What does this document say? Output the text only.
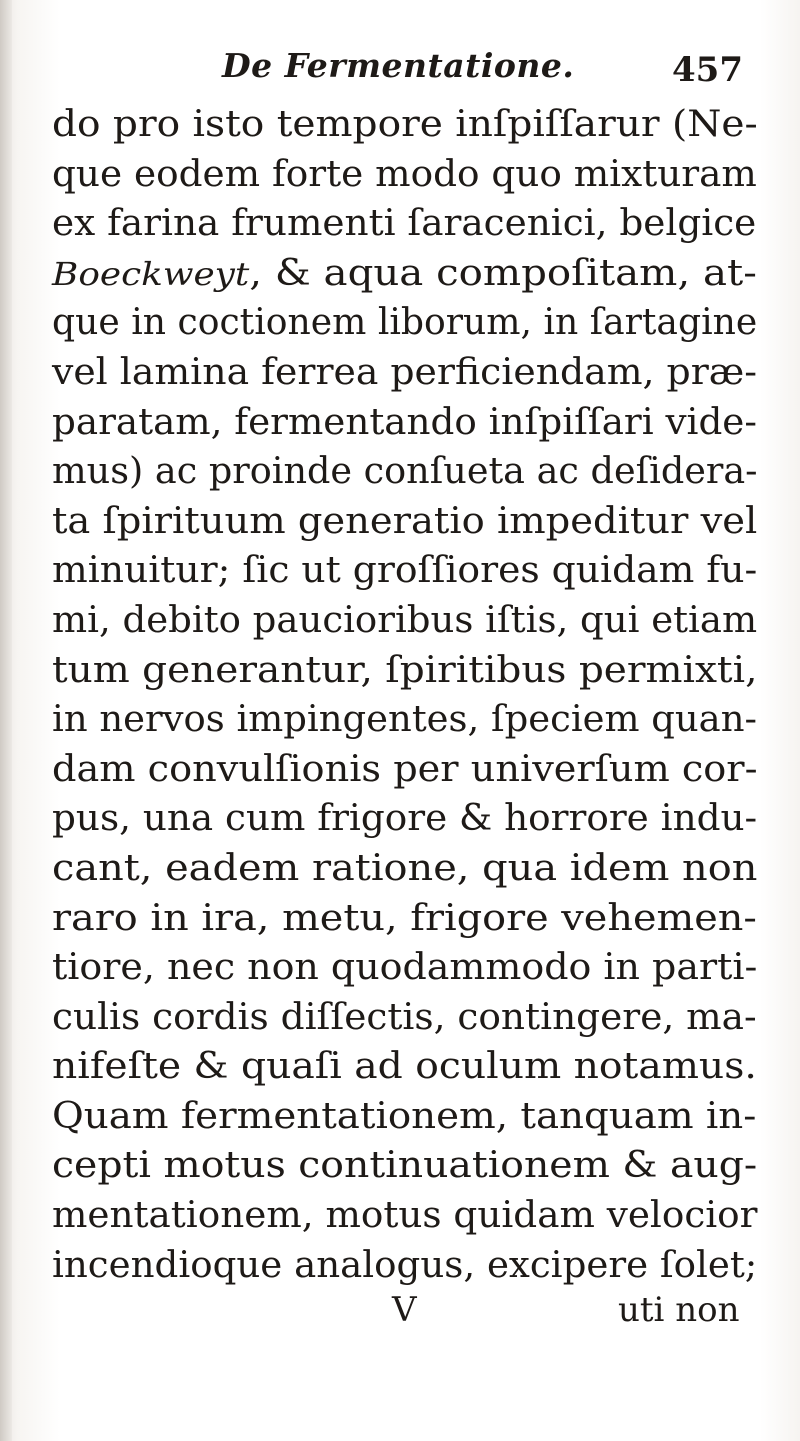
De Fermentatione.	457
do pro isto tempore inſpiſſarur (Ne-
que eodem forte modo quo mixturam
ex farina frumenti ſaracenici, belgice
Boeckweyt, & aqua compoſitam, at-
que in coctionem liborum, in ſartagine
vel lamina ferrea perficiendam, præ-
paratam, fermentando inſpiſſari vide-
mus) ac proinde conſueta ac deſidera-
ta ſpirituum generatio impeditur vel
minuitur; ſic ut groſſiores quidam fu-
mi, debito paucioribus iſtis, qui etiam
tum generantur, ſpiritibus permixti,
in nervos impingentes, ſpeciem quan-
dam convulſionis per univerſum cor-
pus, una cum frigore & horrore indu-
cant, eadem ratione, qua idem non
raro in ira, metu, frigore vehemen-
tiore, nec non quodammodo in parti-
culis cordis diſſectis, contingere, ma-
nifeſte & quaſi ad oculum notamus.
Quam fermentationem, tanquam in-
cepti motus continuationem & aug-
mentationem, motus quidam velocior
incendioque analogus, excipere ſolet;
V	uti non
